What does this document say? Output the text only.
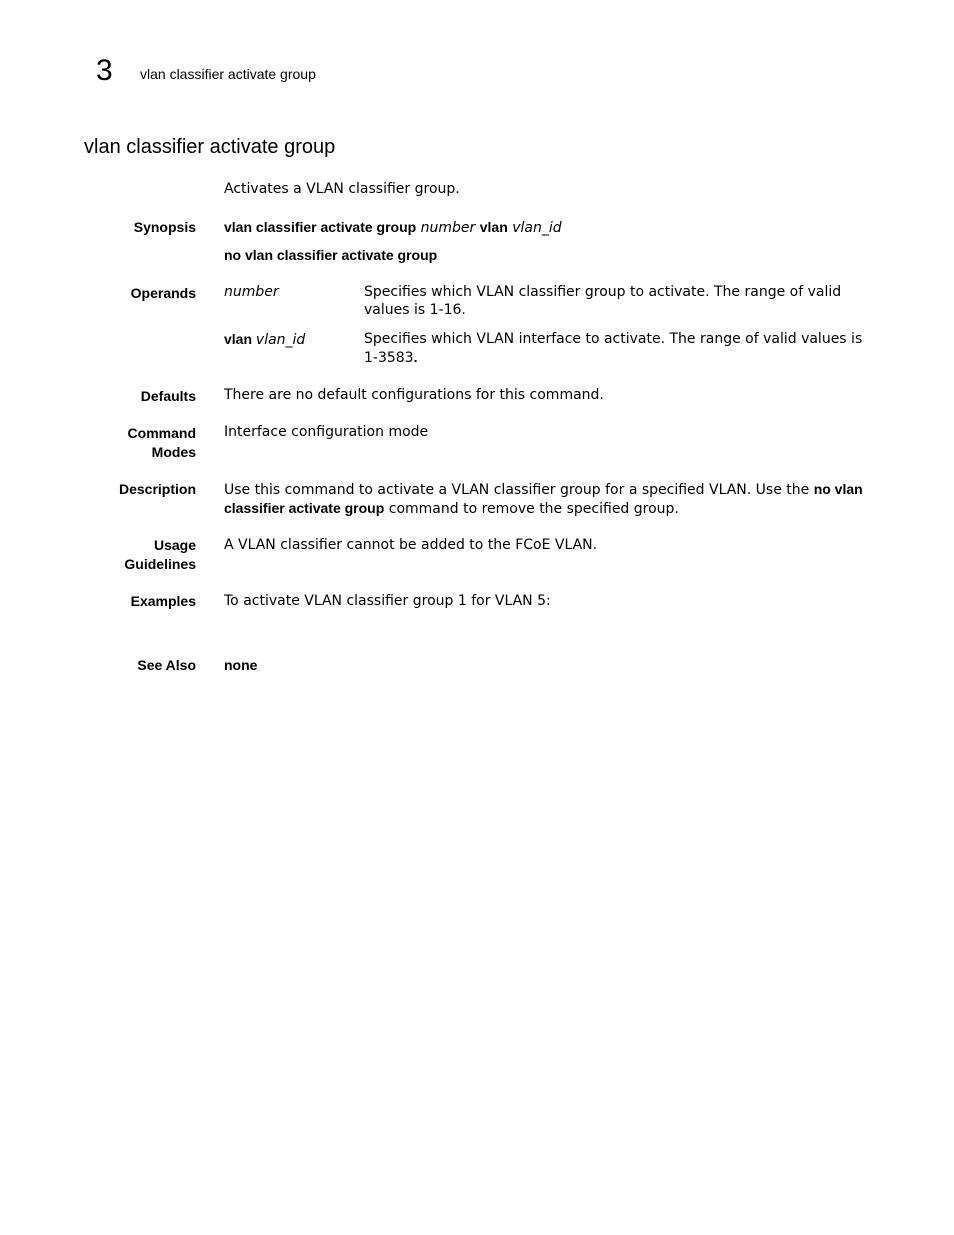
3 vlan classifier activate group
vlan classifier activate group
Activates a VLAN classifier group.
Synopsis vlan classifier activate group number vlan vlan_id
no vlan classifier activate group
Operands number	Specifies which VLAN classifier group to activate. The range of valid values is 1-16.
vlan vlan_id	Specifies which VLAN interface to activate. The range of valid values is 1-3583.
Defaults There are no default configurations for this command.
Command
Modes
Interface configuration mode
Description Use this command to activate a VLAN classifier group for a specified VLAN. Use the no vlan classifier activate group command to remove the specified group.
Usage
Guidelines
A VLAN classifier cannot be added to the FCoE VLAN.
Examples To activate VLAN classifier group 1 for VLAN 5:
See Also none
